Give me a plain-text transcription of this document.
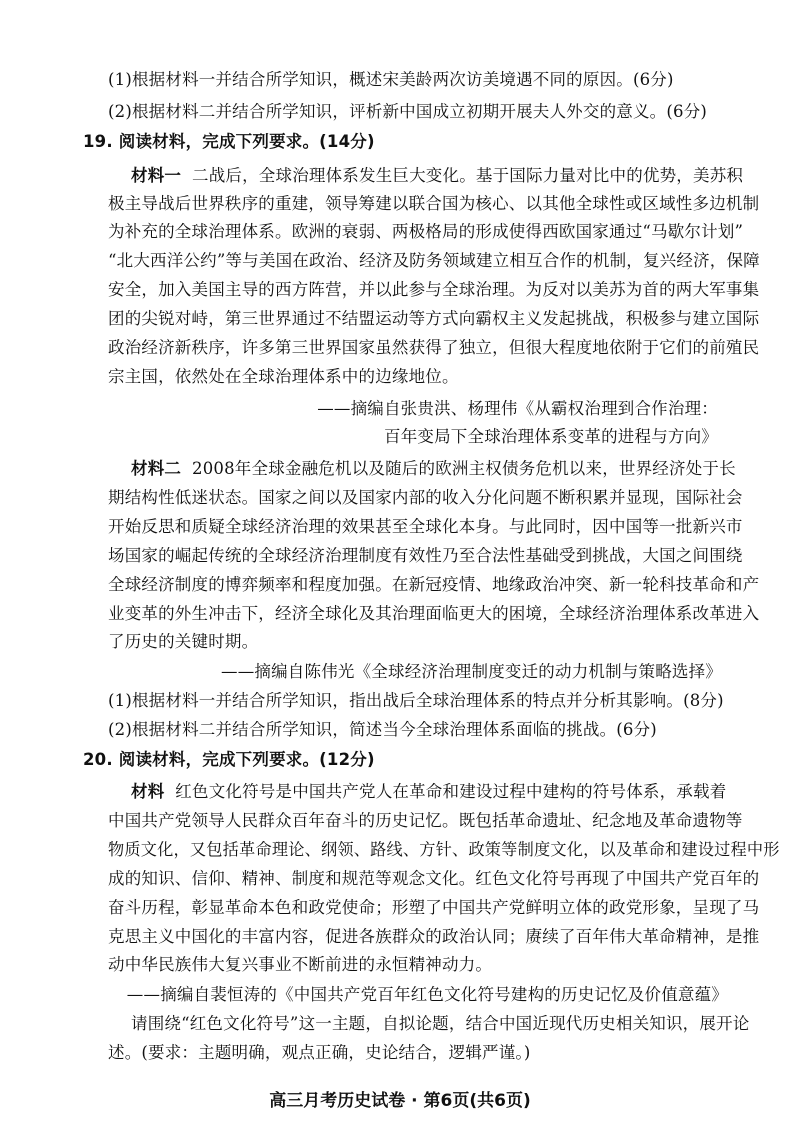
(1)根据材料一并结合所学知识，概述宋美龄两次访美境遇不同的原因。(6分)
(2)根据材料二并结合所学知识，评析新中国成立初期开展夫人外交的意义。(6分)
19. 阅读材料，完成下列要求。(14分)
材料一 二战后，全球治理体系发生巨大变化。基于国际力量对比中的优势，美苏积
极主导战后世界秩序的重建，领导筹建以联合国为核心、以其他全球性或区域性多边机制
为补充的全球治理体系。欧洲的衰弱、两极格局的形成使得西欧国家通过“马歇尔计划”
“北大西洋公约”等与美国在政治、经济及防务领域建立相互合作的机制，复兴经济，保障
安全，加入美国主导的西方阵营，并以此参与全球治理。为反对以美苏为首的两大军事集
团的尖锐对峙，第三世界通过不结盟运动等方式向霸权主义发起挑战，积极参与建立国际
政治经济新秩序，许多第三世界国家虽然获得了独立，但很大程度地依附于它们的前殖民
宗主国，依然处在全球治理体系中的边缘地位。
——摘编自张贵洪、杨理伟《从霸权治理到合作治理：
百年变局下全球治理体系变革的进程与方向》
材料二 2008年全球金融危机以及随后的欧洲主权债务危机以来，世界经济处于长
期结构性低迷状态。国家之间以及国家内部的收入分化问题不断积累并显现，国际社会
开始反思和质疑全球经济治理的效果甚至全球化本身。与此同时，因中国等一批新兴市
场国家的崛起传统的全球经济治理制度有效性乃至合法性基础受到挑战，大国之间围绕
全球经济制度的博弈频率和程度加强。在新冠疫情、地缘政治冲突、新一轮科技革命和产
业变革的外生冲击下，经济全球化及其治理面临更大的困境，全球经济治理体系改革进入
了历史的关键时期。
——摘编自陈伟光《全球经济治理制度变迁的动力机制与策略选择》
(1)根据材料一并结合所学知识，指出战后全球治理体系的特点并分析其影响。(8分)
(2)根据材料二并结合所学知识，简述当今全球治理体系面临的挑战。(6分)
20. 阅读材料，完成下列要求。(12分)
材料 红色文化符号是中国共产党人在革命和建设过程中建构的符号体系，承载着
中国共产党领导人民群众百年奋斗的历史记忆。既包括革命遗址、纪念地及革命遗物等
物质文化，又包括革命理论、纲领、路线、方针、政策等制度文化，以及革命和建设过程中形
成的知识、信仰、精神、制度和规范等观念文化。红色文化符号再现了中国共产党百年的
奋斗历程，彰显革命本色和政党使命；形塑了中国共产党鲜明立体的政党形象，呈现了马
克思主义中国化的丰富内容，促进各族群众的政治认同；赓续了百年伟大革命精神，是推
动中华民族伟大复兴事业不断前进的永恒精神动力。
——摘编自裴恒涛的《中国共产党百年红色文化符号建构的历史记忆及价值意蕴》
请围绕“红色文化符号”这一主题，自拟论题，结合中国近现代历史相关知识，展开论
述。(要求：主题明确，观点正确，史论结合，逻辑严谨。)
高三月考历史试卷 · 第6页(共6页)
